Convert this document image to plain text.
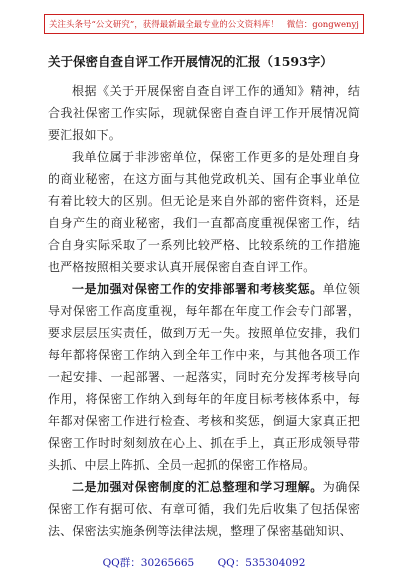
关注头条号“公文研究”，获得最新最全最专业的公文资料库！ 微信：gongwenyj

关于保密自查自评工作开展情况的汇报（1593字）

根据《关于开展保密自查自评工作的通知》精神，结合我社保密工作实际，现就保密自查自评工作开展情况简要汇报如下。

我单位属于非涉密单位，保密工作更多的是处理自身的商业秘密，在这方面与其他党政机关、国有企事业单位有着比较大的区别。但无论是来自外部的密件资料，还是自身产生的商业秘密，我们一直都高度重视保密工作，结合自身实际采取了一系列比较严格、比较系统的工作措施也严格按照相关要求认真开展保密自查自评工作。

一是加强对保密工作的安排部署和考核奖惩。单位领导对保密工作高度重视，每年都在年度工作会专门部署，要求层层压实责任，做到万无一失。按照单位安排，我们每年都将保密工作纳入到全年工作中来，与其他各项工作一起安排、一起部署、一起落实，同时充分发挥考核导向作用，将保密工作纳入到每年的年度目标考核体系中，每年都对保密工作进行检查、考核和奖惩，倒逼大家真正把保密工作时时刻刻放在心上、抓在手上，真正形成领导带头抓、中层上阵抓、全员一起抓的保密工作格局。

二是加强对保密制度的汇总整理和学习理解。为确保保密工作有据可依、有章可循，我们先后收集了包括保密法、保密法实施条例等法律法规，整理了保密基础知识、

QQ群：30265665 QQ：535304092
